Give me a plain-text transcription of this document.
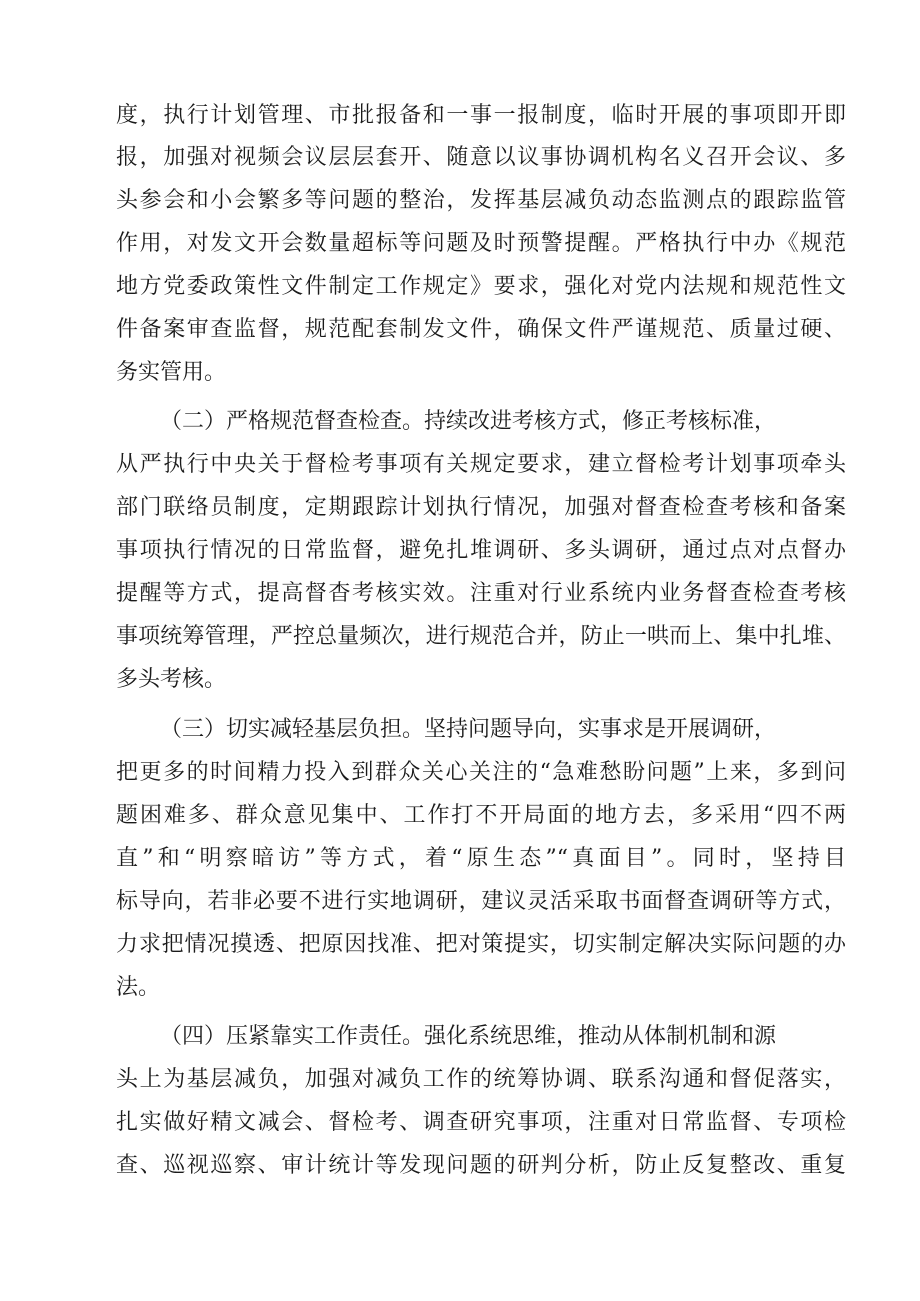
度，执行计划管理、市批报备和一事一报制度，临时开展的事项即开即
报，加强对视频会议层层套开、随意以议事协调机构名义召开会议、多
头参会和小会繁多等问题的整治，发挥基层减负动态监测点的跟踪监管
作用，对发文开会数量超标等问题及时预警提醒。严格执行中办《规范
地方党委政策性文件制定工作规定》要求，强化对党内法规和规范性文
件备案审查监督，规范配套制发文件，确保文件严谨规范、质量过硬、
务实管用。
（二）严格规范督查检查。持续改进考核方式，修正考核标准，
从严执行中央关于督检考事项有关规定要求，建立督检考计划事项牵头
部门联络员制度，定期跟踪计划执行情况，加强对督查检查考核和备案
事项执行情况的日常监督，避免扎堆调研、多头调研，通过点对点督办
提醒等方式，提高督杳考核实效。注重对行业系统内业务督查检查考核
事项统筹管理，严控总量频次，进行规范合并，防止一哄而上、集中扎堆、
多头考核。
（三）切实减轻基层负担。坚持问题导向，实事求是开展调研，
把更多的时间精力投入到群众关心关注的“急难愁盼问题”上来，多到问
题困难多、群众意见集中、工作打不开局面的地方去，多采用“四不两
直”和“明察暗访”等方式，着“原生态”“真面目”。同时，坚持目
标导向，若非必要不进行实地调研，建议灵活采取书面督查调研等方式，
力求把情况摸透、把原因找准、把对策提实，切实制定解决实际问题的办
法。
（四）压紧靠实工作责任。强化系统思维，推动从体制机制和源
头上为基层减负，加强对减负工作的统筹协调、联系沟通和督促落实，
扎实做好精文减会、督检考、调查研究事项，注重对日常监督、专项检
查、巡视巡察、审计统计等发现问题的研判分析，防止反复整改、重复
